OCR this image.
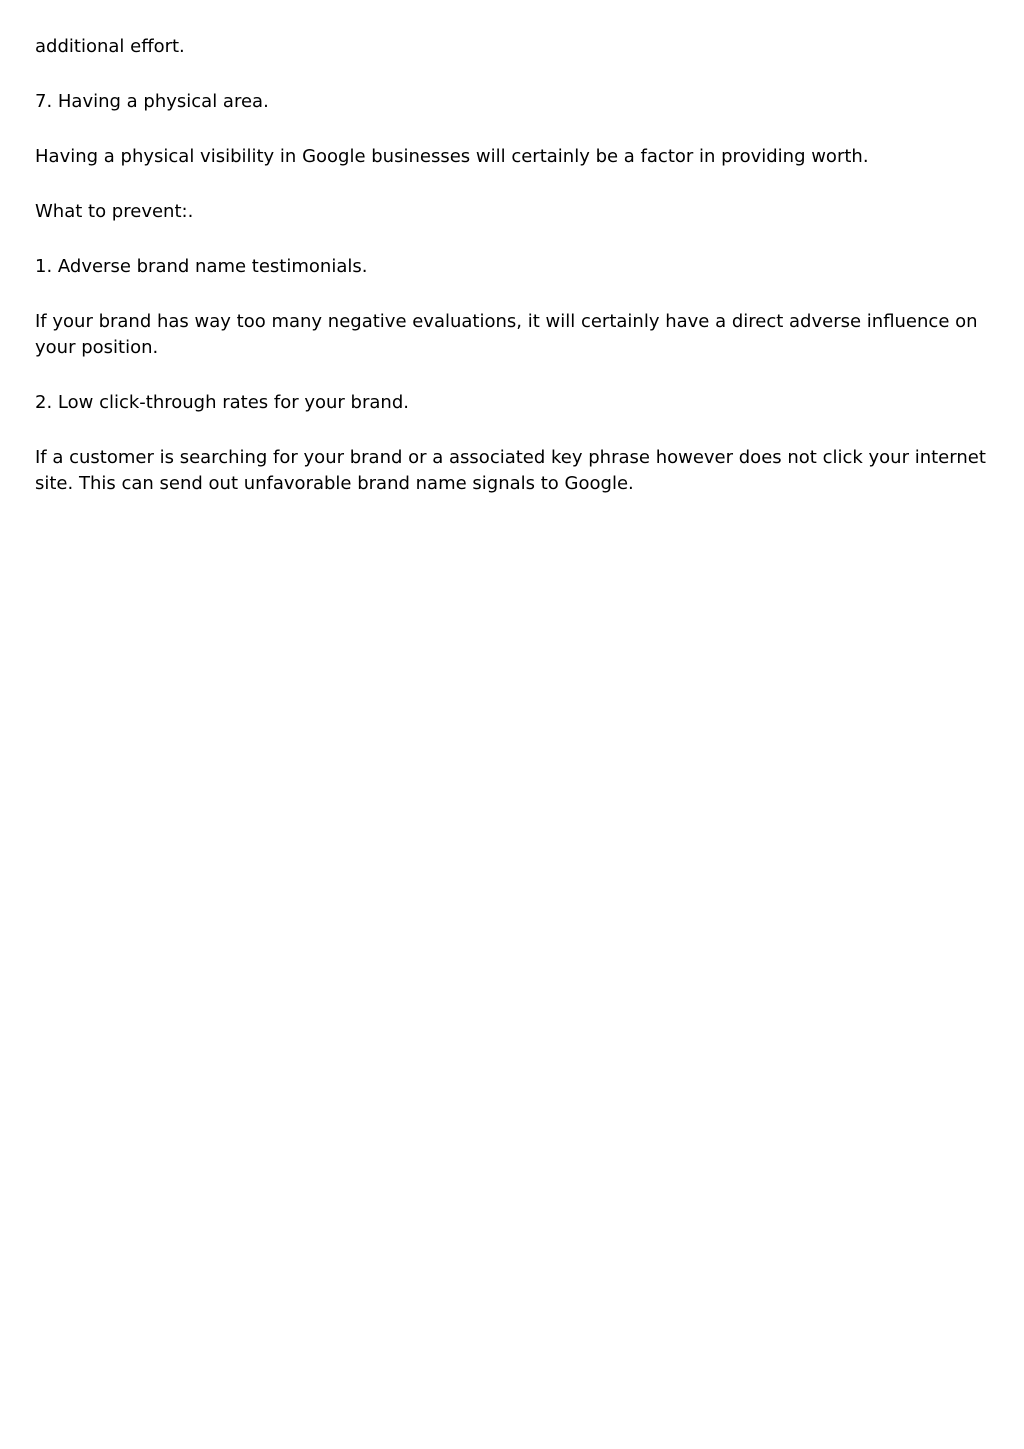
additional effort.

7. Having a physical area.

Having a physical visibility in Google businesses will certainly be a factor in providing worth.

What to prevent:.

1. Adverse brand name testimonials.

If your brand has way too many negative evaluations, it will certainly have a direct adverse influence on your position.

2. Low click-through rates for your brand.

If a customer is searching for your brand or a associated key phrase however does not click your internet site. This can send out unfavorable brand name signals to Google.
